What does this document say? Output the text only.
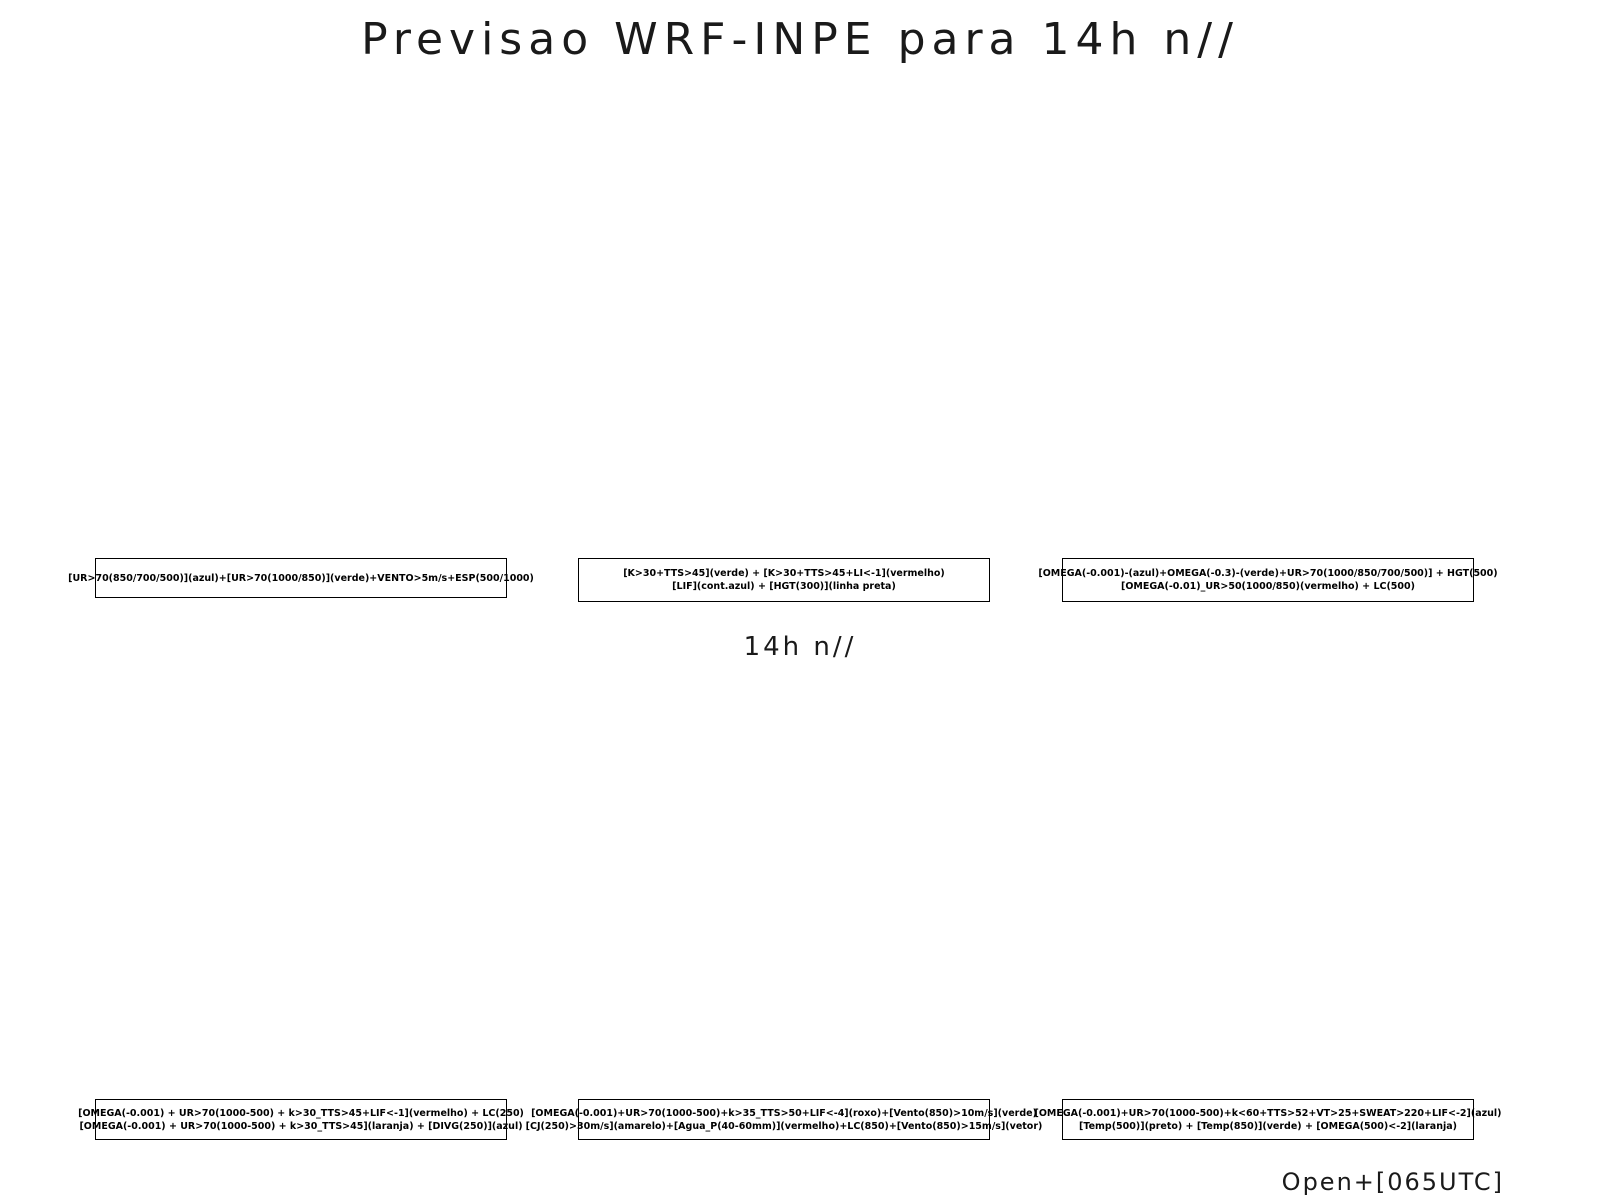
Previsao WRF-INPE para 14h n//
[UR>70(850/700/500)](azul)+[UR>70(1000/850)](verde)+VENTO>5m/s+ESP(500/1000)	[K>30+TTS>45](verde) + [K>30+TTS>45+LI<-1](vermelho)
[LIF](cont.azul) + [HGT(300)](linha preta)
[OMEGA(-0.001)-(azul)+OMEGA(-0.3)-(verde)+UR>70(1000/850/700/500)] + HGT(500)
[OMEGA(-0.01)_UR>50(1000/850)(vermelho) + LC(500)
14h n//
[OMEGA(-0.001) + UR>70(1000-500) + k>30_TTS>45+LIF<-1](vermelho) + LC(250)
[OMEGA(-0.001) + UR>70(1000-500) + k>30_TTS>45](laranja) + [DIVG(250)](azul)
[OMEGA(-0.001)+UR>70(1000-500)+k>35_TTS>50+LIF<-4](roxo)+[Vento(850)>10m/s](verde)
[CJ(250)>30m/s](amarelo)+[Agua_P(40-60mm)](vermelho)+LC(850)+[Vento(850)>15m/s](vetor)
[OMEGA(-0.001)+UR>70(1000-500)+k<60+TTS>52+VT>25+SWEAT>220+LIF<-2](azul)
[Temp(500)](preto) + [Temp(850)](verde) + [OMEGA(500)<-2](laranja)
Open+[065UTC]
